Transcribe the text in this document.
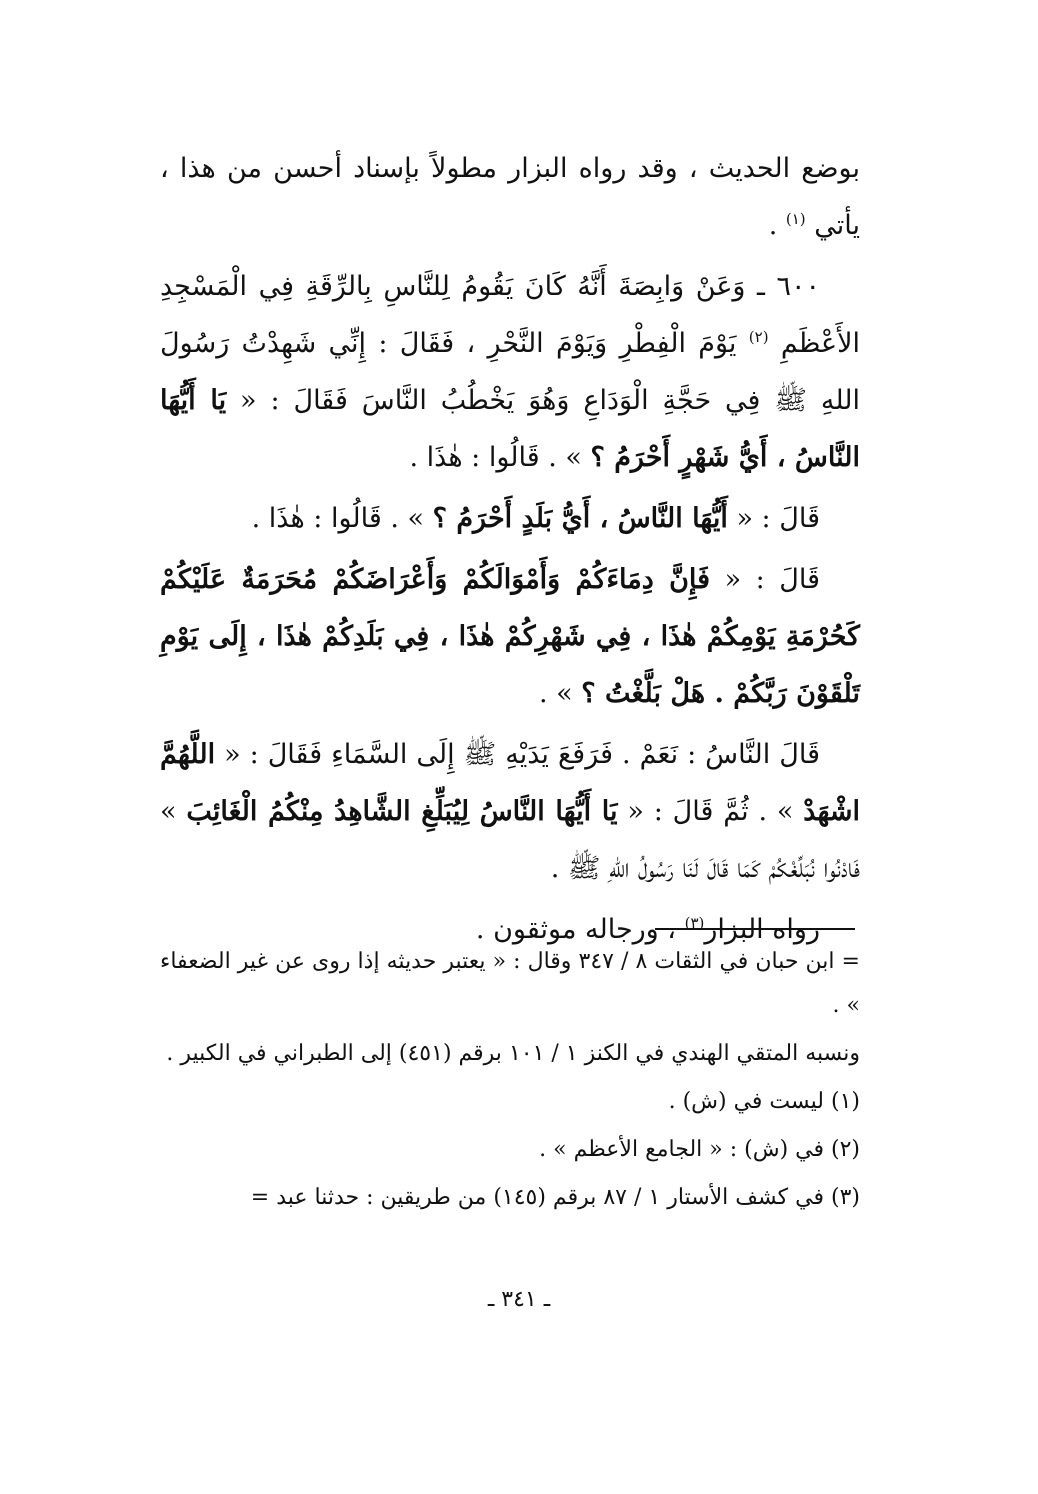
بوضع الحديث ، وقد رواه البزار مطولاً بإسناد أحسن من هذا ، يأتي $^{(١)}$ .

٦٠٠ ـ وَعَنْ وَابِصَةَ أَنَّهُ كَانَ يَقُومُ لِلنَّاسِ بِالرِّقَةِ فِي الْمَسْجِدِ الأَعْظَمِ $^{(٢)}$ يَوْمَ الْفِطْرِ وَيَوْمَ النَّحْرِ ، فَقَالَ : إِنِّي شَهِدْتُ رَسُولَ اللهِ ﷺ فِي حَجَّةِ الْوَدَاعِ وَهُوَ يَخْطُبُ النَّاسَ فَقَالَ : « يَا أَيُّهَا النَّاسُ ، أَيُّ شَهْرٍ أَحْرَمُ ؟ » . قَالُوا : هٰذَا .

قَالَ : « أَيُّهَا النَّاسُ ، أَيُّ بَلَدٍ أَحْرَمُ ؟ » . قَالُوا : هٰذَا .

قَالَ : « فَإِنَّ دِمَاءَكُمْ وَأَمْوَالَكُمْ وَأَعْرَاضَكُمْ مُحَرَمَةٌ عَلَيْكُمْ كَحُرْمَةِ يَوْمِكُمْ هٰذَا ، فِي شَهْرِكُمْ هٰذَا ، فِي بَلَدِكُمْ هٰذَا ، إِلَى يَوْمِ تَلْقَوْنَ رَبَّكُمْ . هَلْ بَلَّغْتُ ؟ » .

قَالَ النَّاسُ : نَعَمْ . فَرَفَعَ يَدَيْهِ ﷺ إِلَى السَّمَاءِ فَقَالَ : « اللَّهُمَّ اشْهَدْ » . ثُمَّ قَالَ : « يَا أَيُّهَا النَّاسُ لِيُبَلِّغِ الشَّاهِدُ مِنْكُمُ الْغَائِبَ » فَادْنُوا نُبَلِّغْكُمْ كَمَا قَالَ لَنَا رَسُولُ اللهِ ﷺ .

رواه البزار$^{(٣)}$ ، ورجاله موثقون .

= ابن حبان في الثقات ٨ / ٣٤٧ وقال : « يعتبر حديثه إذا روى عن غير الضعفاء » .

ونسبه المتقي الهندي في الكنز ١ / ١٠١ برقم (٤٥١) إلى الطبراني في الكبير .

(١) ليست في (ش) .

(٢) في (ش) : « الجامع الأعظم » .

(٣) في كشف الأستار ١ / ٨٧ برقم (١٤٥) من طريقين : حدثنا عبد =

ـ ٣٤١ ـ
